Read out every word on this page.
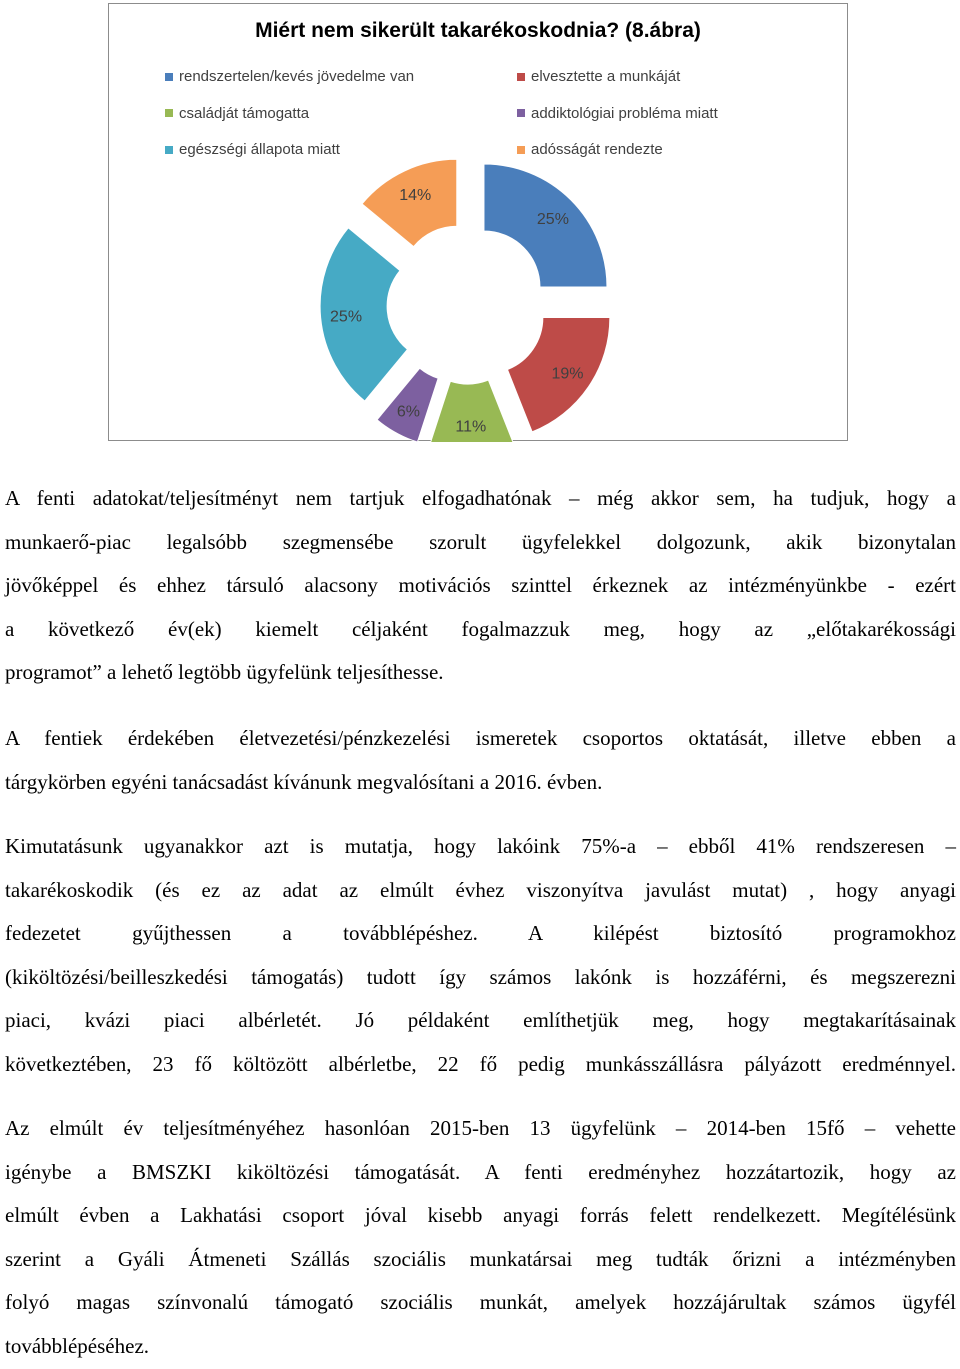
Miért nem sikerült takarékoskodnia? (8.ábra)
rendszertelen/kevés jövedelme van	elvesztette a munkáját
családját támogatta	addiktológiai probléma miatt
egészségi állapota miatt	adósságát rendezte
25%
19%
11%
6%
25%
14%
A fenti adatokat/teljesítményt nem tartjuk elfogadhatónak – még akkor sem, ha tudjuk, hogy a
munkaerő-piac legalsóbb szegmensébe szorult ügyfelekkel dolgozunk, akik bizonytalan
jövőképpel és ehhez társuló alacsony motivációs szinttel érkeznek az intézményünkbe - ezért
a következő év(ek) kiemelt céljaként fogalmazzuk meg, hogy az „előtakarékossági
programot” a lehető legtöbb ügyfelünk teljesíthesse.
A fentiek érdekében életvezetési/pénzkezelési ismeretek csoportos oktatását, illetve ebben a
tárgykörben egyéni tanácsadást kívánunk megvalósítani a 2016. évben.
Kimutatásunk ugyanakkor azt is mutatja, hogy lakóink 75%-a – ebből 41% rendszeresen –
takarékoskodik (és ez az adat az elmúlt évhez viszonyítva javulást mutat) , hogy anyagi
fedezetet gyűjthessen a továbblépéshez. A kilépést biztosító programokhoz
(kiköltözési/beilleszkedési támogatás) tudott így számos lakónk is hozzáférni, és megszerezni
piaci, kvázi piaci albérletét. Jó példaként említhetjük meg, hogy megtakarításainak
következtében, 23 fő költözött albérletbe, 22 fő pedig munkásszállásra pályázott eredménnyel.
Az elmúlt év teljesítményéhez hasonlóan 2015-ben 13 ügyfelünk – 2014-ben 15fő – vehette
igénybe a BMSZKI kiköltözési támogatását. A fenti eredményhez hozzátartozik, hogy az
elmúlt évben a Lakhatási csoport jóval kisebb anyagi forrás felett rendelkezett. Megítélésünk
szerint a Gyáli Átmeneti Szállás szociális munkatársai meg tudták őrizni a intézményben
folyó magas színvonalú támogató szociális munkát, amelyek hozzájárultak számos ügyfél
továbblépéséhez.
